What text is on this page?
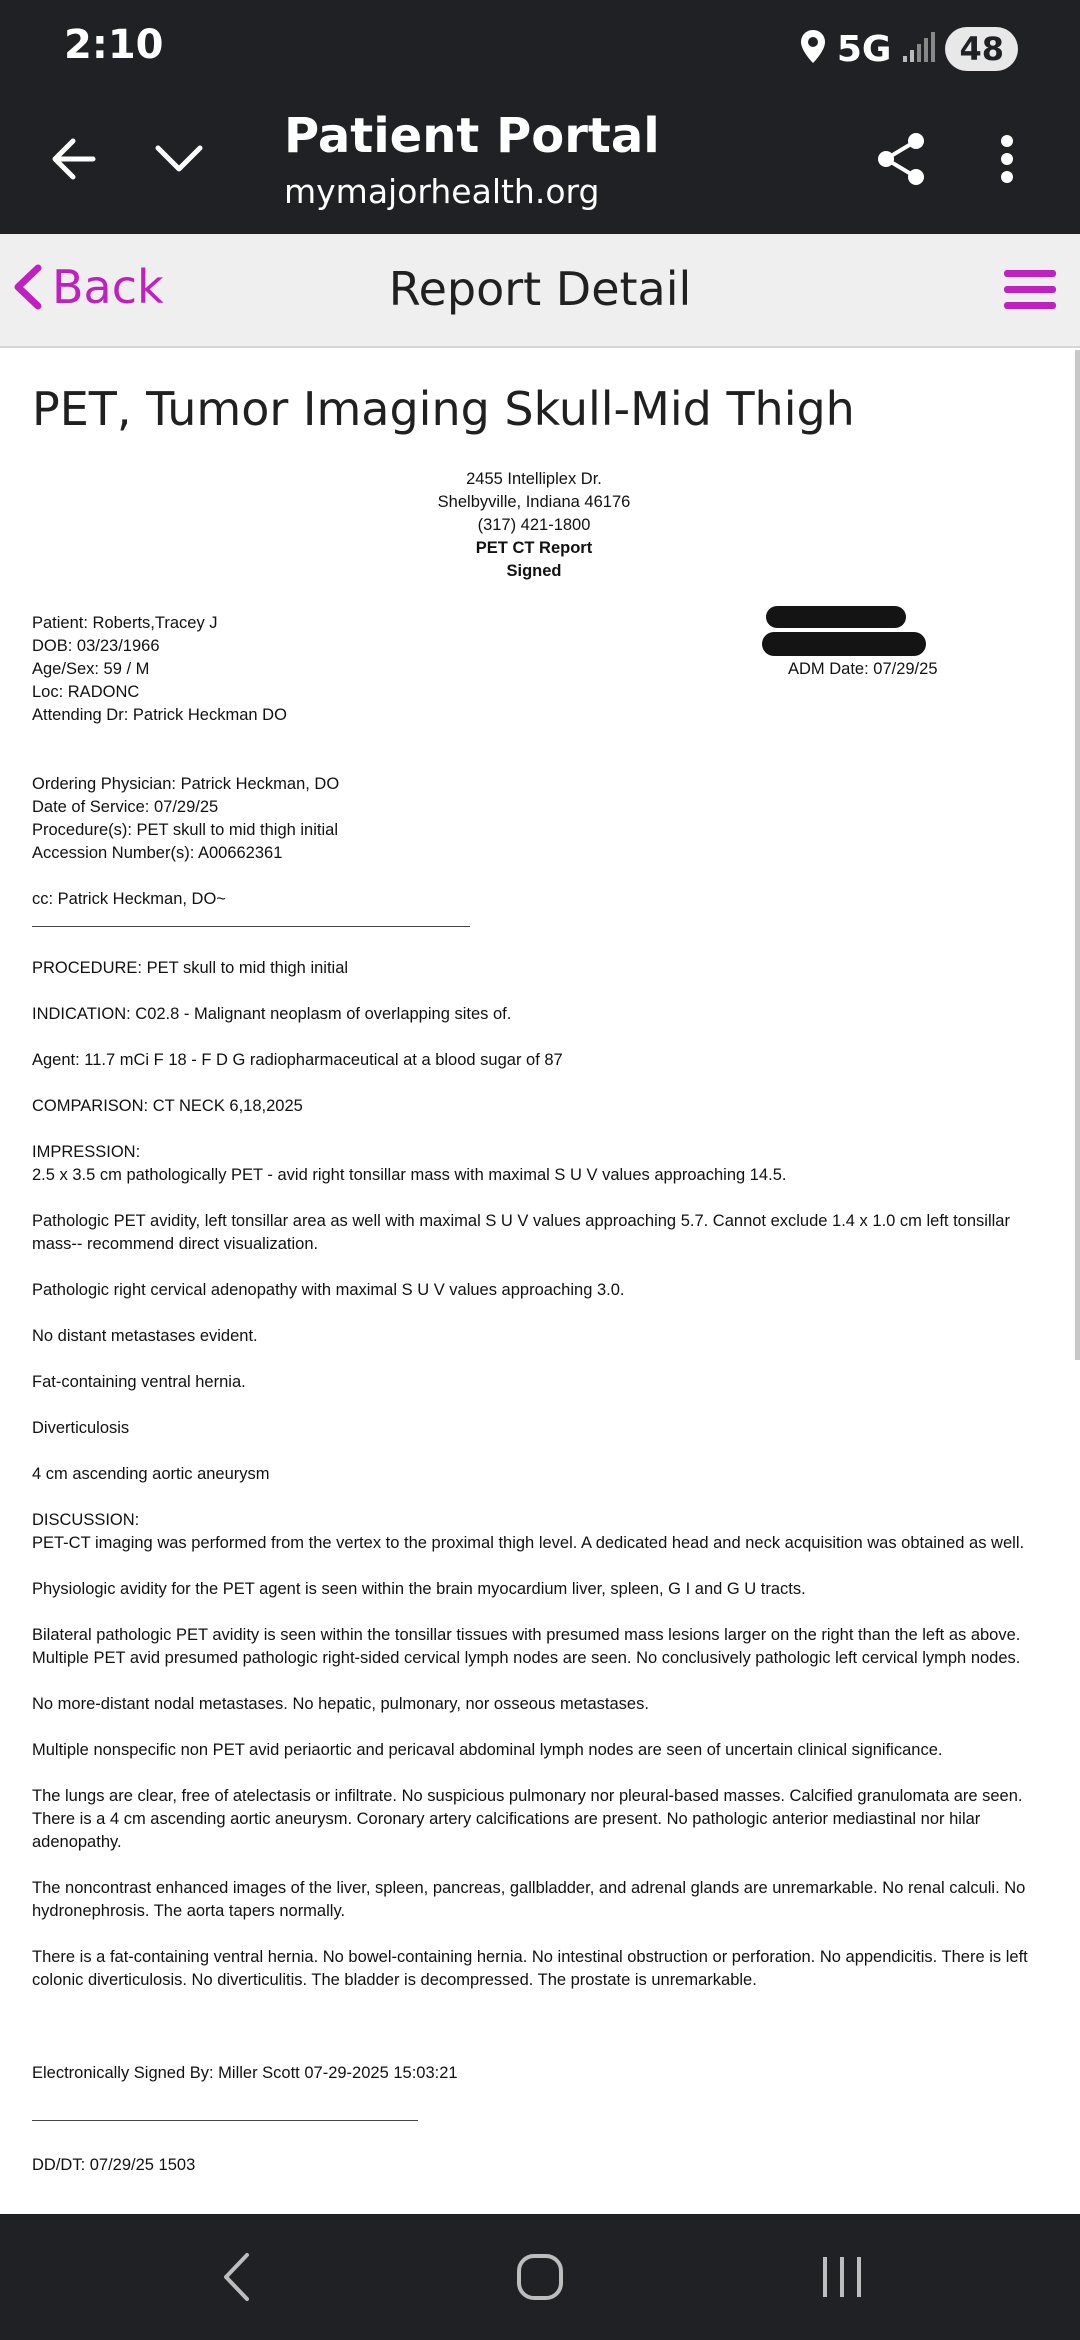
2:10	5G	48
Patient Portal
mymajorhealth.org
Back	Report Detail
PET, Tumor Imaging Skull-Mid Thigh
2455 Intelliplex Dr.
Shelbyville, Indiana 46176
(317) 421-1800
PET CT Report
Signed
Patient: Roberts,Tracey J
DOB: 03/23/1966
Age/Sex: 59 / M
Loc: RADONC
Attending Dr: Patrick Heckman DO
ADM Date: 07/29/25
Ordering Physician: Patrick Heckman, DO
Date of Service: 07/29/25
Procedure(s): PET skull to mid thigh initial
Accession Number(s): A00662361
cc: Patrick Heckman, DO~
PROCEDURE: PET skull to mid thigh initial
INDICATION: C02.8 - Malignant neoplasm of overlapping sites of.
Agent: 11.7 mCi F 18 - F D G radiopharmaceutical at a blood sugar of 87
COMPARISON: CT NECK 6,18,2025
IMPRESSION:
2.5 x 3.5 cm pathologically PET - avid right tonsillar mass with maximal S U V values approaching 14.5.
Pathologic PET avidity, left tonsillar area as well with maximal S U V values approaching 5.7. Cannot exclude 1.4 x 1.0 cm left tonsillar mass-- recommend direct visualization.
Pathologic right cervical adenopathy with maximal S U V values approaching 3.0.
No distant metastases evident.
Fat-containing ventral hernia.
Diverticulosis
4 cm ascending aortic aneurysm
DISCUSSION:
PET-CT imaging was performed from the vertex to the proximal thigh level. A dedicated head and neck acquisition was obtained as well.
Physiologic avidity for the PET agent is seen within the brain myocardium liver, spleen, G I and G U tracts.
Bilateral pathologic PET avidity is seen within the tonsillar tissues with presumed mass lesions larger on the right than the left as above. Multiple PET avid presumed pathologic right-sided cervical lymph nodes are seen. No conclusively pathologic left cervical lymph nodes.
No more-distant nodal metastases. No hepatic, pulmonary, nor osseous metastases.
Multiple nonspecific non PET avid periaortic and pericaval abdominal lymph nodes are seen of uncertain clinical significance.
The lungs are clear, free of atelectasis or infiltrate. No suspicious pulmonary nor pleural-based masses. Calcified granulomata are seen. There is a 4 cm ascending aortic aneurysm. Coronary artery calcifications are present. No pathologic anterior mediastinal nor hilar adenopathy.
The noncontrast enhanced images of the liver, spleen, pancreas, gallbladder, and adrenal glands are unremarkable. No renal calculi. No hydronephrosis. The aorta tapers normally.
There is a fat-containing ventral hernia. No bowel-containing hernia. No intestinal obstruction or perforation. No appendicitis. There is left colonic diverticulosis. No diverticulitis. The bladder is decompressed. The prostate is unremarkable.
Electronically Signed By: Miller Scott 07-29-2025 15:03:21
DD/DT: 07/29/25 1503
